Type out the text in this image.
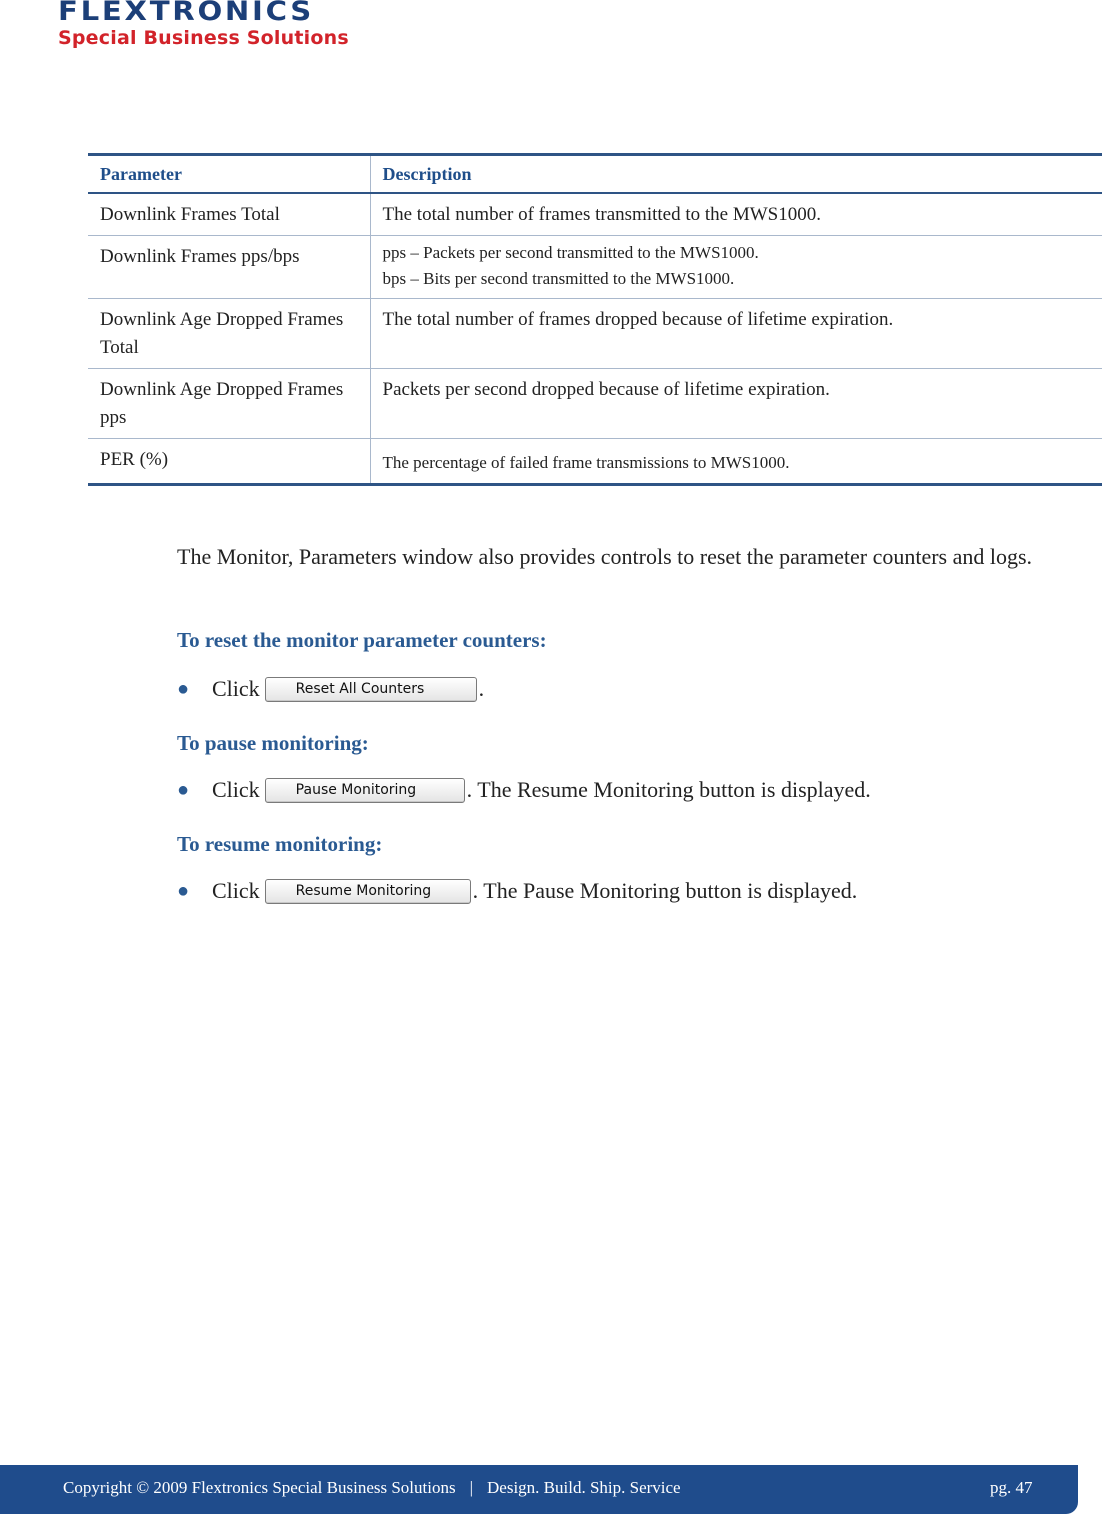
FLEXTRONICS
Special Business Solutions
Parameter	Description
Downlink Frames Total	The total number of frames transmitted to the MWS1000.
Downlink Frames pps/bps	pps – Packets per second transmitted to the MWS1000.
bps – Bits per second transmitted to the MWS1000.

Downlink Age Dropped Frames Total	The total number of frames dropped because of lifetime expiration.
Downlink Age Dropped Frames pps	Packets per second dropped because of lifetime expiration.
PER (%)	The percentage of failed frame transmissions to MWS1000.
The Monitor, Parameters window also provides controls to reset the parameter counters and logs.
To reset the monitor parameter counters:
●	Click	Reset All Counters	.
To pause monitoring:
●	Click	Pause Monitoring	. The Resume Monitoring button is displayed.
To resume monitoring:
●	Click	Resume Monitoring	. The Pause Monitoring button is displayed.
Copyright © 2009 Flextronics Special Business Solutions | Design. Build. Ship. Service	pg. 47
